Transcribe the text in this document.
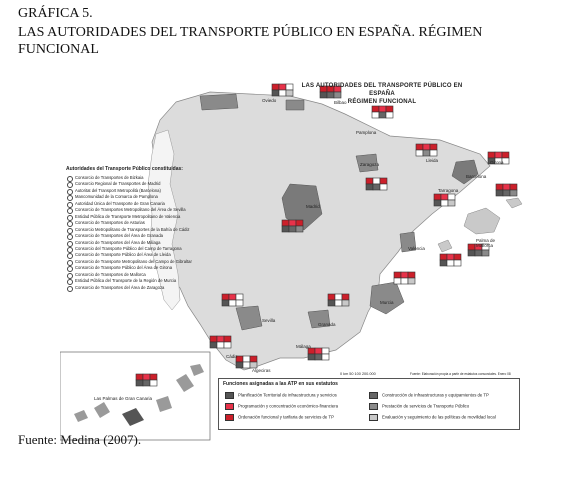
GRÁFICA 5.
LAS AUTORIDADES DEL TRANSPORTE PÚBLICO EN ESPAÑA. RÉGIMEN FUNCIONAL
LAS AUTORIDADES DEL TRANSPORTE PÚBLICO EN ESPAÑA
RÉGIMEN FUNCIONAL
Autoridades del Transporte Público constituidas:
Consorcio de Transportes de Bizkaia
Consorcio Regional de Transportes de Madrid
Autoritat del Transport Metropolità (Barcelona)
Mancomunidad de la Comarca de Pamplona
Autoridad Única del Transporte de Gran Canaria
Consorcio de Transportes Metropolitano del Área de Sevilla
Entidad Pública de Transporte Metropolitano de Valencia
Consorcio de Transportes de Asturias
Consorcio Metropolitano de Transportes de la Bahía de Cádiz
Consorcio de Transportes del Área de Granada
Consorcio de Transportes del Área de Málaga
Consorcio del Transporte Público del Camp de Tarragona
Consorcio de Transporte Público del Área de Lleida
Consorcio de Transporte Metropolitano del Campo de Gibraltar
Consorcio de Transporte Público del Área de Girona
Consorcio de Transportes de Mallorca
Entidad Pública del Transporte de la Región de Murcia
Consorcio de Transportes del Área de Zaragoza
Oviedo	Bilbao
Pamplona
Zaragoza
Lleida	Girona
Barcelona
Tarragona
Madrid
Valencia
Palma de Mallorca
Murcia
Sevilla
Granada
Málaga
Cádiz
Algeciras
Las Palmas de Gran Canaria
0 km 50 100 200.000	Fuente: Elaboración propia a partir de estatutos consorciales. Enero 08
Funciones asignadas a las ATP en sus estatutos
Planificación Territorial de infraestructura y servicios
Programación y concentración económico-financiera
Ordenación funcional y tarifaria de servicios de TP
Construcción de infraestructuras y equipamientos de TP
Prestación de servicios de Transporte Público
Evaluación y seguimiento de las políticas de movilidad local
Fuente: Medina (2007).
